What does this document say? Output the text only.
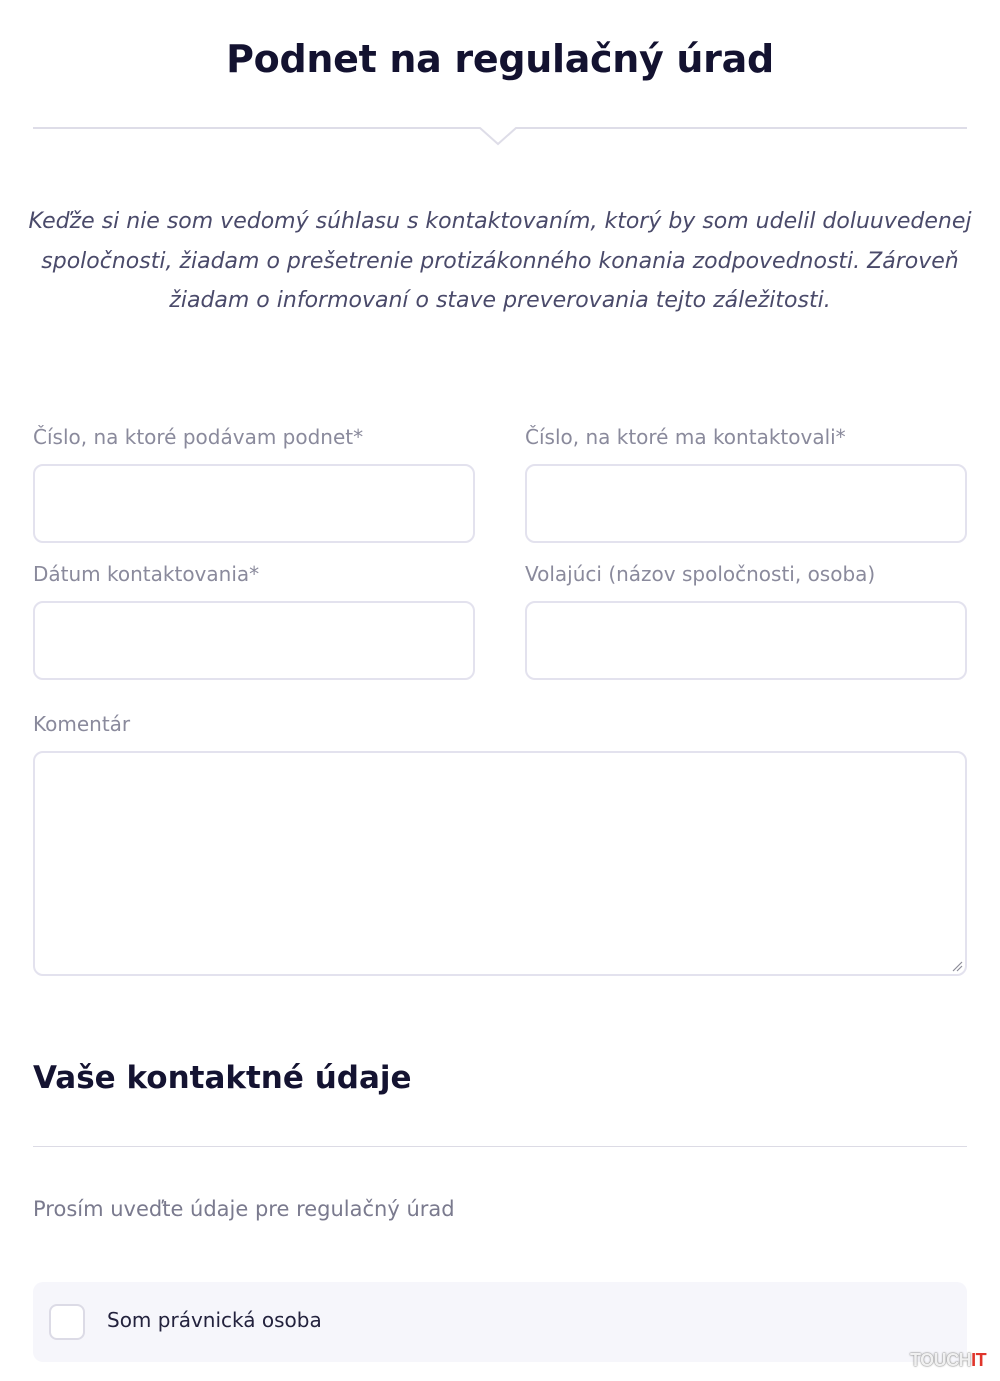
Podnet na regulačný úrad

Keďže si nie som vedomý súhlasu s kontaktovaním, ktorý by som udelil doluuvedenej spoločnosti, žiadam o prešetrenie protizákonného konania zodpovednosti. Zároveň žiadam o informovaní o stave preverovania tejto záležitosti.

Číslo, na ktoré podávam podnet*	Číslo, na ktoré ma kontaktovali*
Dátum kontaktovania*	Volajúci (názov spoločnosti, osoba)
Komentár
Vaše kontaktné údaje

Prosím uveďte údaje pre regulačný úrad

Som právnická osoba
TOUCHIT
